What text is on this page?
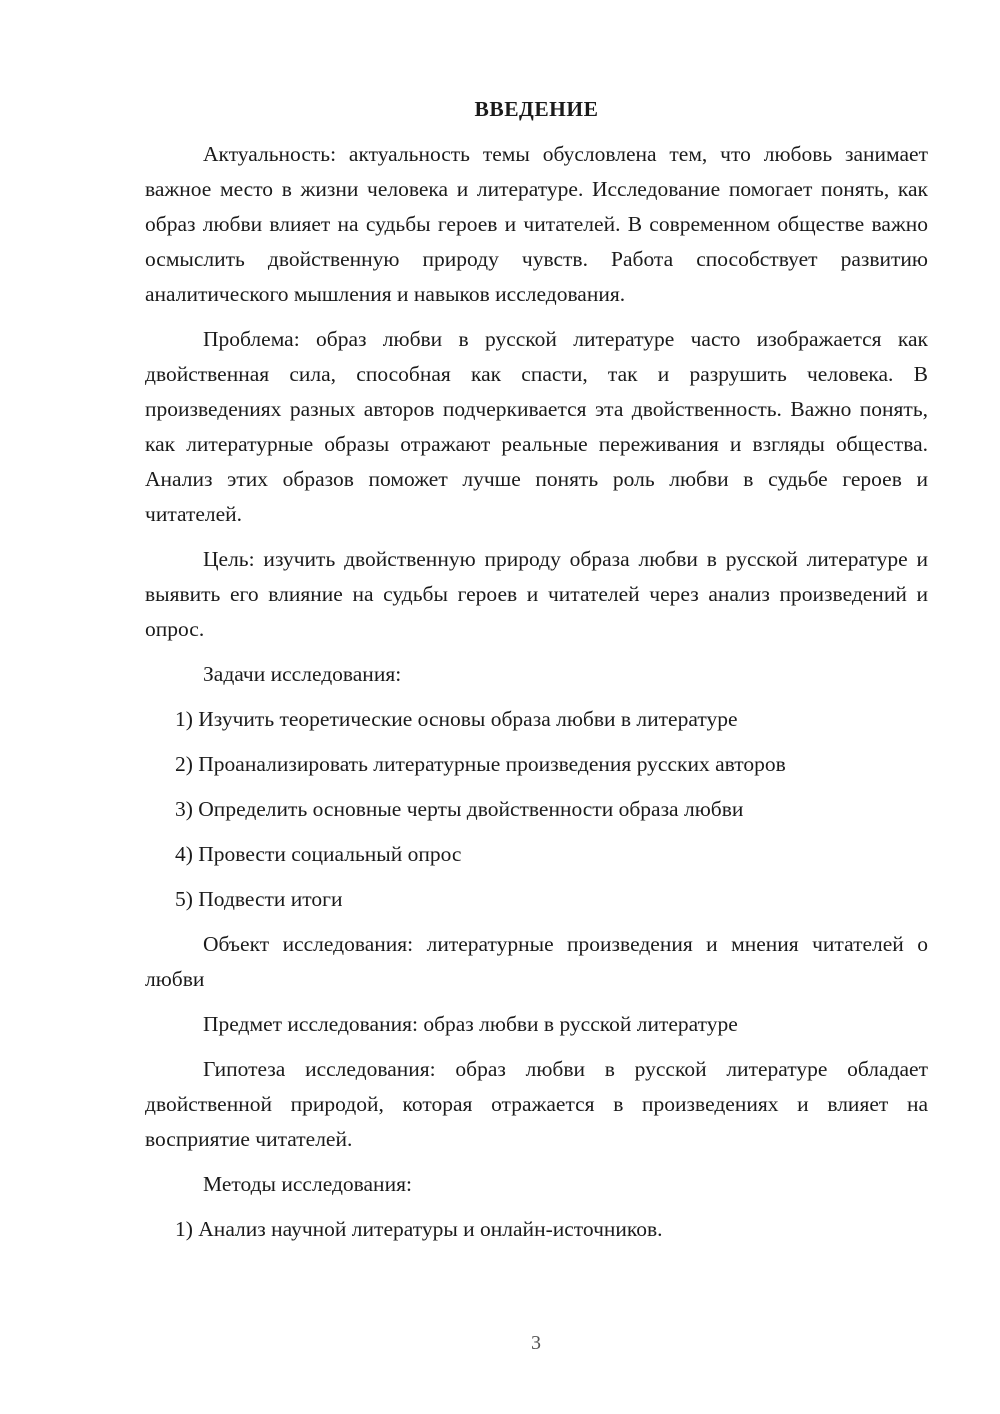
ВВЕДЕНИЕ

Актуальность: актуальность темы обусловлена тем, что любовь занимает важное место в жизни человека и литературе. Исследование помогает понять, как образ любви влияет на судьбы героев и читателей. В современном обществе важно осмыслить двойственную природу чувств. Работа способствует развитию аналитического мышления и навыков исследования.

Проблема: образ любви в русской литературе часто изображается как двойственная сила, способная как спасти, так и разрушить человека. В произведениях разных авторов подчеркивается эта двойственность. Важно понять, как литературные образы отражают реальные переживания и взгляды общества. Анализ этих образов поможет лучше понять роль любви в судьбе героев и читателей.

Цель: изучить двойственную природу образа любви в русской литературе и выявить его влияние на судьбы героев и читателей через анализ произведений и опрос.

Задачи исследования:

1) Изучить теоретические основы образа любви в литературе

2) Проанализировать литературные произведения русских авторов

3) Определить основные черты двойственности образа любви

4) Провести социальный опрос

5) Подвести итоги

Объект исследования: литературные произведения и мнения читателей о любви

Предмет исследования: образ любви в русской литературе

Гипотеза исследования: образ любви в русской литературе обладает двойственной природой, которая отражается в произведениях и влияет на восприятие читателей.

Методы исследования:

1) Анализ научной литературы и онлайн-источников.

3
